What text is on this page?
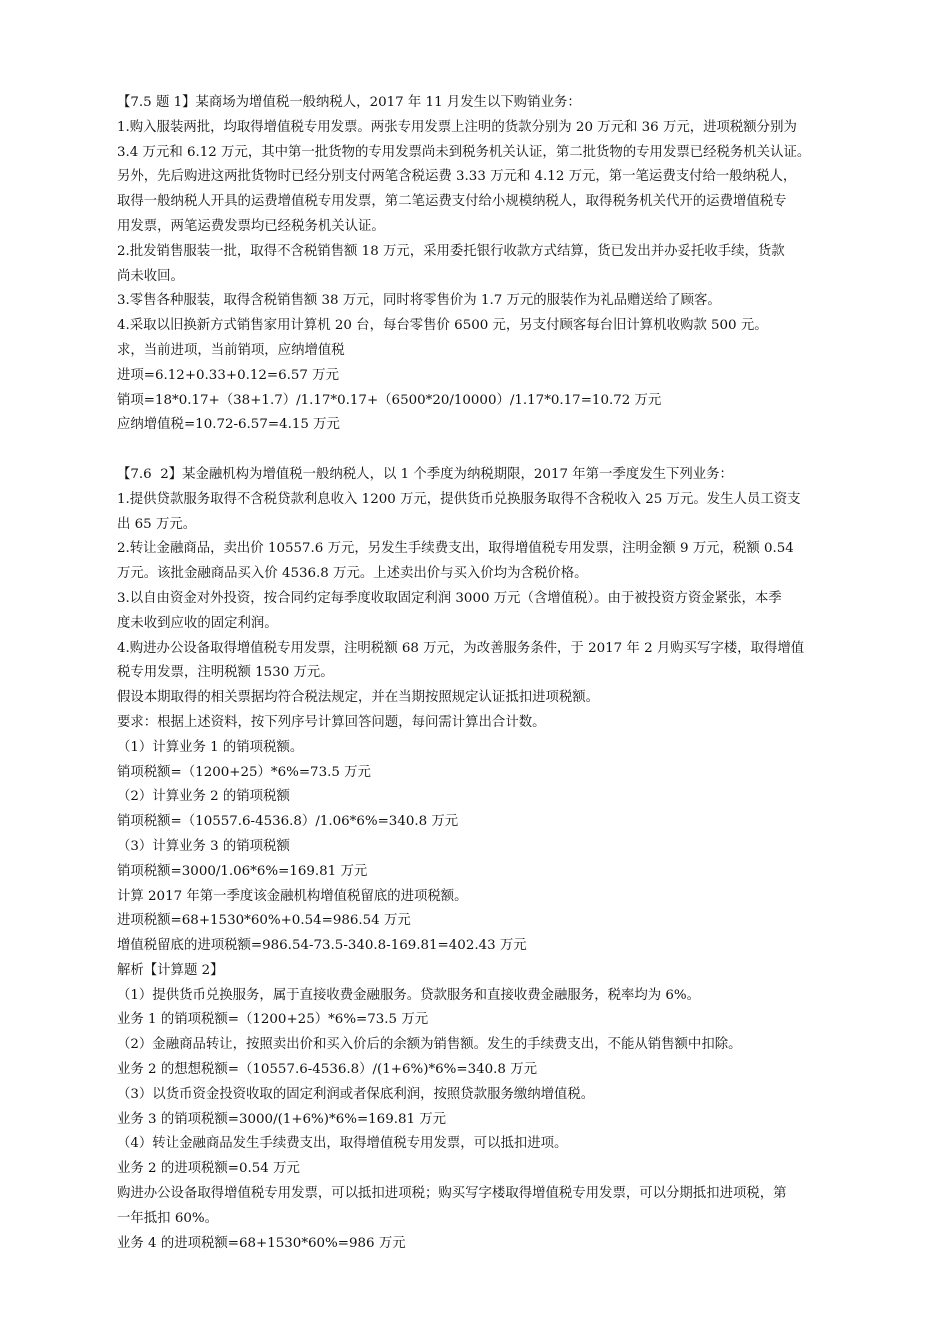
【7.5 题 1】某商场为增值税一般纳税人，2017 年 11 月发生以下购销业务：
1.购入服装两批，均取得增值税专用发票。两张专用发票上注明的货款分别为 20 万元和 36 万元，进项税额分别为
3.4 万元和 6.12 万元，其中第一批货物的专用发票尚未到税务机关认证，第二批货物的专用发票已经税务机关认证。
另外，先后购进这两批货物时已经分别支付两笔含税运费 3.33 万元和 4.12 万元，第一笔运费支付给一般纳税人，
取得一般纳税人开具的运费增值税专用发票，第二笔运费支付给小规模纳税人，取得税务机关代开的运费增值税专
用发票，两笔运费发票均已经税务机关认证。
2.批发销售服装一批，取得不含税销售额 18 万元，采用委托银行收款方式结算，货已发出并办妥托收手续，货款
尚未收回。
3.零售各种服装，取得含税销售额 38 万元，同时将零售价为 1.7 万元的服装作为礼品赠送给了顾客。
4.采取以旧换新方式销售家用计算机 20 台，每台零售价 6500 元，另支付顾客每台旧计算机收购款 500 元。
求，当前进项，当前销项，应纳增值税
进项=6.12+0.33+0.12=6.57 万元
销项=18*0.17+（38+1.7）/1.17*0.17+（6500*20/10000）/1.17*0.17=10.72 万元
应纳增值税=10.72-6.57=4.15 万元
【7.6  2】某金融机构为增值税一般纳税人，以 1 个季度为纳税期限，2017 年第一季度发生下列业务：
1.提供贷款服务取得不含税贷款利息收入 1200 万元，提供货币兑换服务取得不含税收入 25 万元。发生人员工资支
出 65 万元。
2.转让金融商品，卖出价 10557.6 万元，另发生手续费支出，取得增值税专用发票，注明金额 9 万元，税额 0.54
万元。该批金融商品买入价 4536.8 万元。上述卖出价与买入价均为含税价格。
3.以自由资金对外投资，按合同约定每季度收取固定利润 3000 万元（含增值税）。由于被投资方资金紧张，本季
度未收到应收的固定利润。
4.购进办公设备取得增值税专用发票，注明税额 68 万元，为改善服务条件，于 2017 年 2 月购买写字楼，取得增值
税专用发票，注明税额 1530 万元。
假设本期取得的相关票据均符合税法规定，并在当期按照规定认证抵扣进项税额。
要求：根据上述资料，按下列序号计算回答问题，每问需计算出合计数。
（1）计算业务 1 的销项税额。
销项税额=（1200+25）*6%=73.5 万元
（2）计算业务 2 的销项税额
销项税额=（10557.6-4536.8）/1.06*6%=340.8 万元
（3）计算业务 3 的销项税额
销项税额=3000/1.06*6%=169.81 万元
计算 2017 年第一季度该金融机构增值税留底的进项税额。
进项税额=68+1530*60%+0.54=986.54 万元
增值税留底的进项税额=986.54-73.5-340.8-169.81=402.43 万元
解析【计算题 2】
（1）提供货币兑换服务，属于直接收费金融服务。贷款服务和直接收费金融服务，税率均为 6%。
业务 1 的销项税额=（1200+25）*6%=73.5 万元
（2）金融商品转让，按照卖出价和买入价后的余额为销售额。发生的手续费支出，不能从销售额中扣除。
业务 2 的想想税额=（10557.6-4536.8）/(1+6%)*6%=340.8 万元
（3）以货币资金投资收取的固定利润或者保底利润，按照贷款服务缴纳增值税。
业务 3 的销项税额=3000/(1+6%)*6%=169.81 万元
（4）转让金融商品发生手续费支出，取得增值税专用发票，可以抵扣进项。
业务 2 的进项税额=0.54 万元
购进办公设备取得增值税专用发票，可以抵扣进项税；购买写字楼取得增值税专用发票，可以分期抵扣进项税，第
一年抵扣 60%。
业务 4 的进项税额=68+1530*60%=986 万元
